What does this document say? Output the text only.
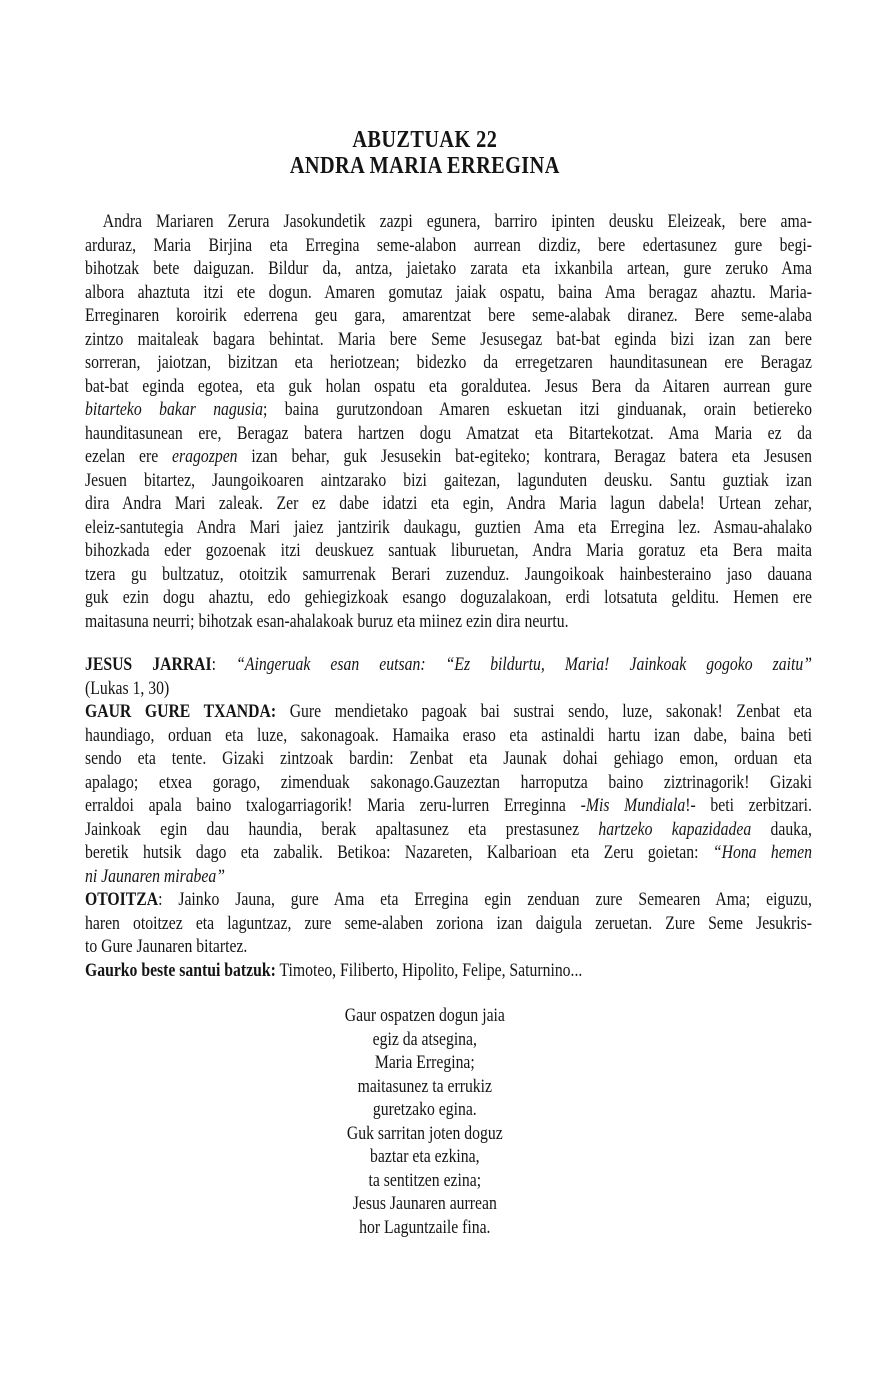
ABUZTUAK 22
ANDRA MARIA ERREGINA
Andra Mariaren Zerura Jasokundetik zazpi egunera, barriro ipinten deusku Eleizeak, bere ama-
arduraz, Maria Birjina eta Erregina seme-alabon aurrean dizdiz, bere edertasunez gure begi-
bihotzak bete daiguzan. Bildur da, antza, jaietako zarata eta ixkanbila artean, gure zeruko Ama
albora ahaztuta itzi ete dogun. Amaren gomutaz jaiak ospatu, baina Ama beragaz ahaztu. Maria-
Erreginaren koroirik ederrena geu gara, amarentzat bere seme-alabak diranez. Bere seme-alaba
zintzo maitaleak bagara behintat. Maria bere Seme Jesusegaz bat-bat eginda bizi izan zan bere
sorreran, jaiotzan, bizitzan eta heriotzean; bidezko da erregetzaren haunditasunean ere Beragaz
bat-bat eginda egotea, eta guk holan ospatu eta goraldutea. Jesus Bera da Aitaren aurrean gure
bitarteko bakar nagusia; baina gurutzondoan Amaren eskuetan itzi ginduanak, orain betiereko
haunditasunean ere, Beragaz batera hartzen dogu Amatzat eta Bitartekotzat. Ama Maria ez da
ezelan ere eragozpen izan behar, guk Jesusekin bat-egiteko; kontrara, Beragaz batera eta Jesusen
Jesuen bitartez, Jaungoikoaren aintzarako bizi gaitezan, lagunduten deusku. Santu guztiak izan
dira Andra Mari zaleak. Zer ez dabe idatzi eta egin, Andra Maria lagun dabela! Urtean zehar,
eleiz-santutegia Andra Mari jaiez jantzirik daukagu, guztien Ama eta Erregina lez. Asmau-ahalako
bihozkada eder gozoenak itzi deuskuez santuak liburuetan, Andra Maria goratuz eta Bera maita
tzera gu bultzatuz, otoitzik samurrenak Berari zuzenduz. Jaungoikoak hainbesteraino jaso dauana
guk ezin dogu ahaztu, edo gehiegizkoak esango doguzalakoan, erdi lotsatuta gelditu. Hemen ere
maitasuna neurri; bihotzak esan-ahalakoak buruz eta miinez ezin dira neurtu.
JESUS JARRAI: “Aingeruak esan eutsan: “Ez bildurtu, Maria! Jainkoak gogoko zaitu”
(Lukas 1, 30)
GAUR GURE TXANDA: Gure mendietako pagoak bai sustrai sendo, luze, sakonak! Zenbat eta
haundiago, orduan eta luze, sakonagoak. Hamaika eraso eta astinaldi hartu izan dabe, baina beti
sendo eta tente. Gizaki zintzoak bardin: Zenbat eta Jaunak dohai gehiago emon, orduan eta
apalago; etxea gorago, zimenduak sakonago.Gauzeztan harroputza baino ziztrinagorik! Gizaki
erraldoi apala baino txalogarriagorik! Maria zeru-lurren Erreginna -Mis Mundiala!- beti zerbitzari.
Jainkoak egin dau haundia, berak apaltasunez eta prestasunez hartzeko kapazidadea dauka,
beretik hutsik dago eta zabalik. Betikoa: Nazareten, Kalbarioan eta Zeru goietan: “Hona hemen
ni Jaunaren mirabea”
OTOITZA: Jainko Jauna, gure Ama eta Erregina egin zenduan zure Semearen Ama; eiguzu,
haren otoitzez eta laguntzaz, zure seme-alaben zoriona izan daigula zeruetan. Zure Seme Jesukris-
to Gure Jaunaren bitartez.
Gaurko beste santui batzuk: Timoteo, Filiberto, Hipolito, Felipe, Saturnino...
Gaur ospatzen dogun jaia
egiz da atsegina,
Maria Erregina;
maitasunez ta errukiz
guretzako egina.
Guk sarritan joten doguz
baztar eta ezkina,
ta sentitzen ezina;
Jesus Jaunaren aurrean
hor Laguntzaile fina.
